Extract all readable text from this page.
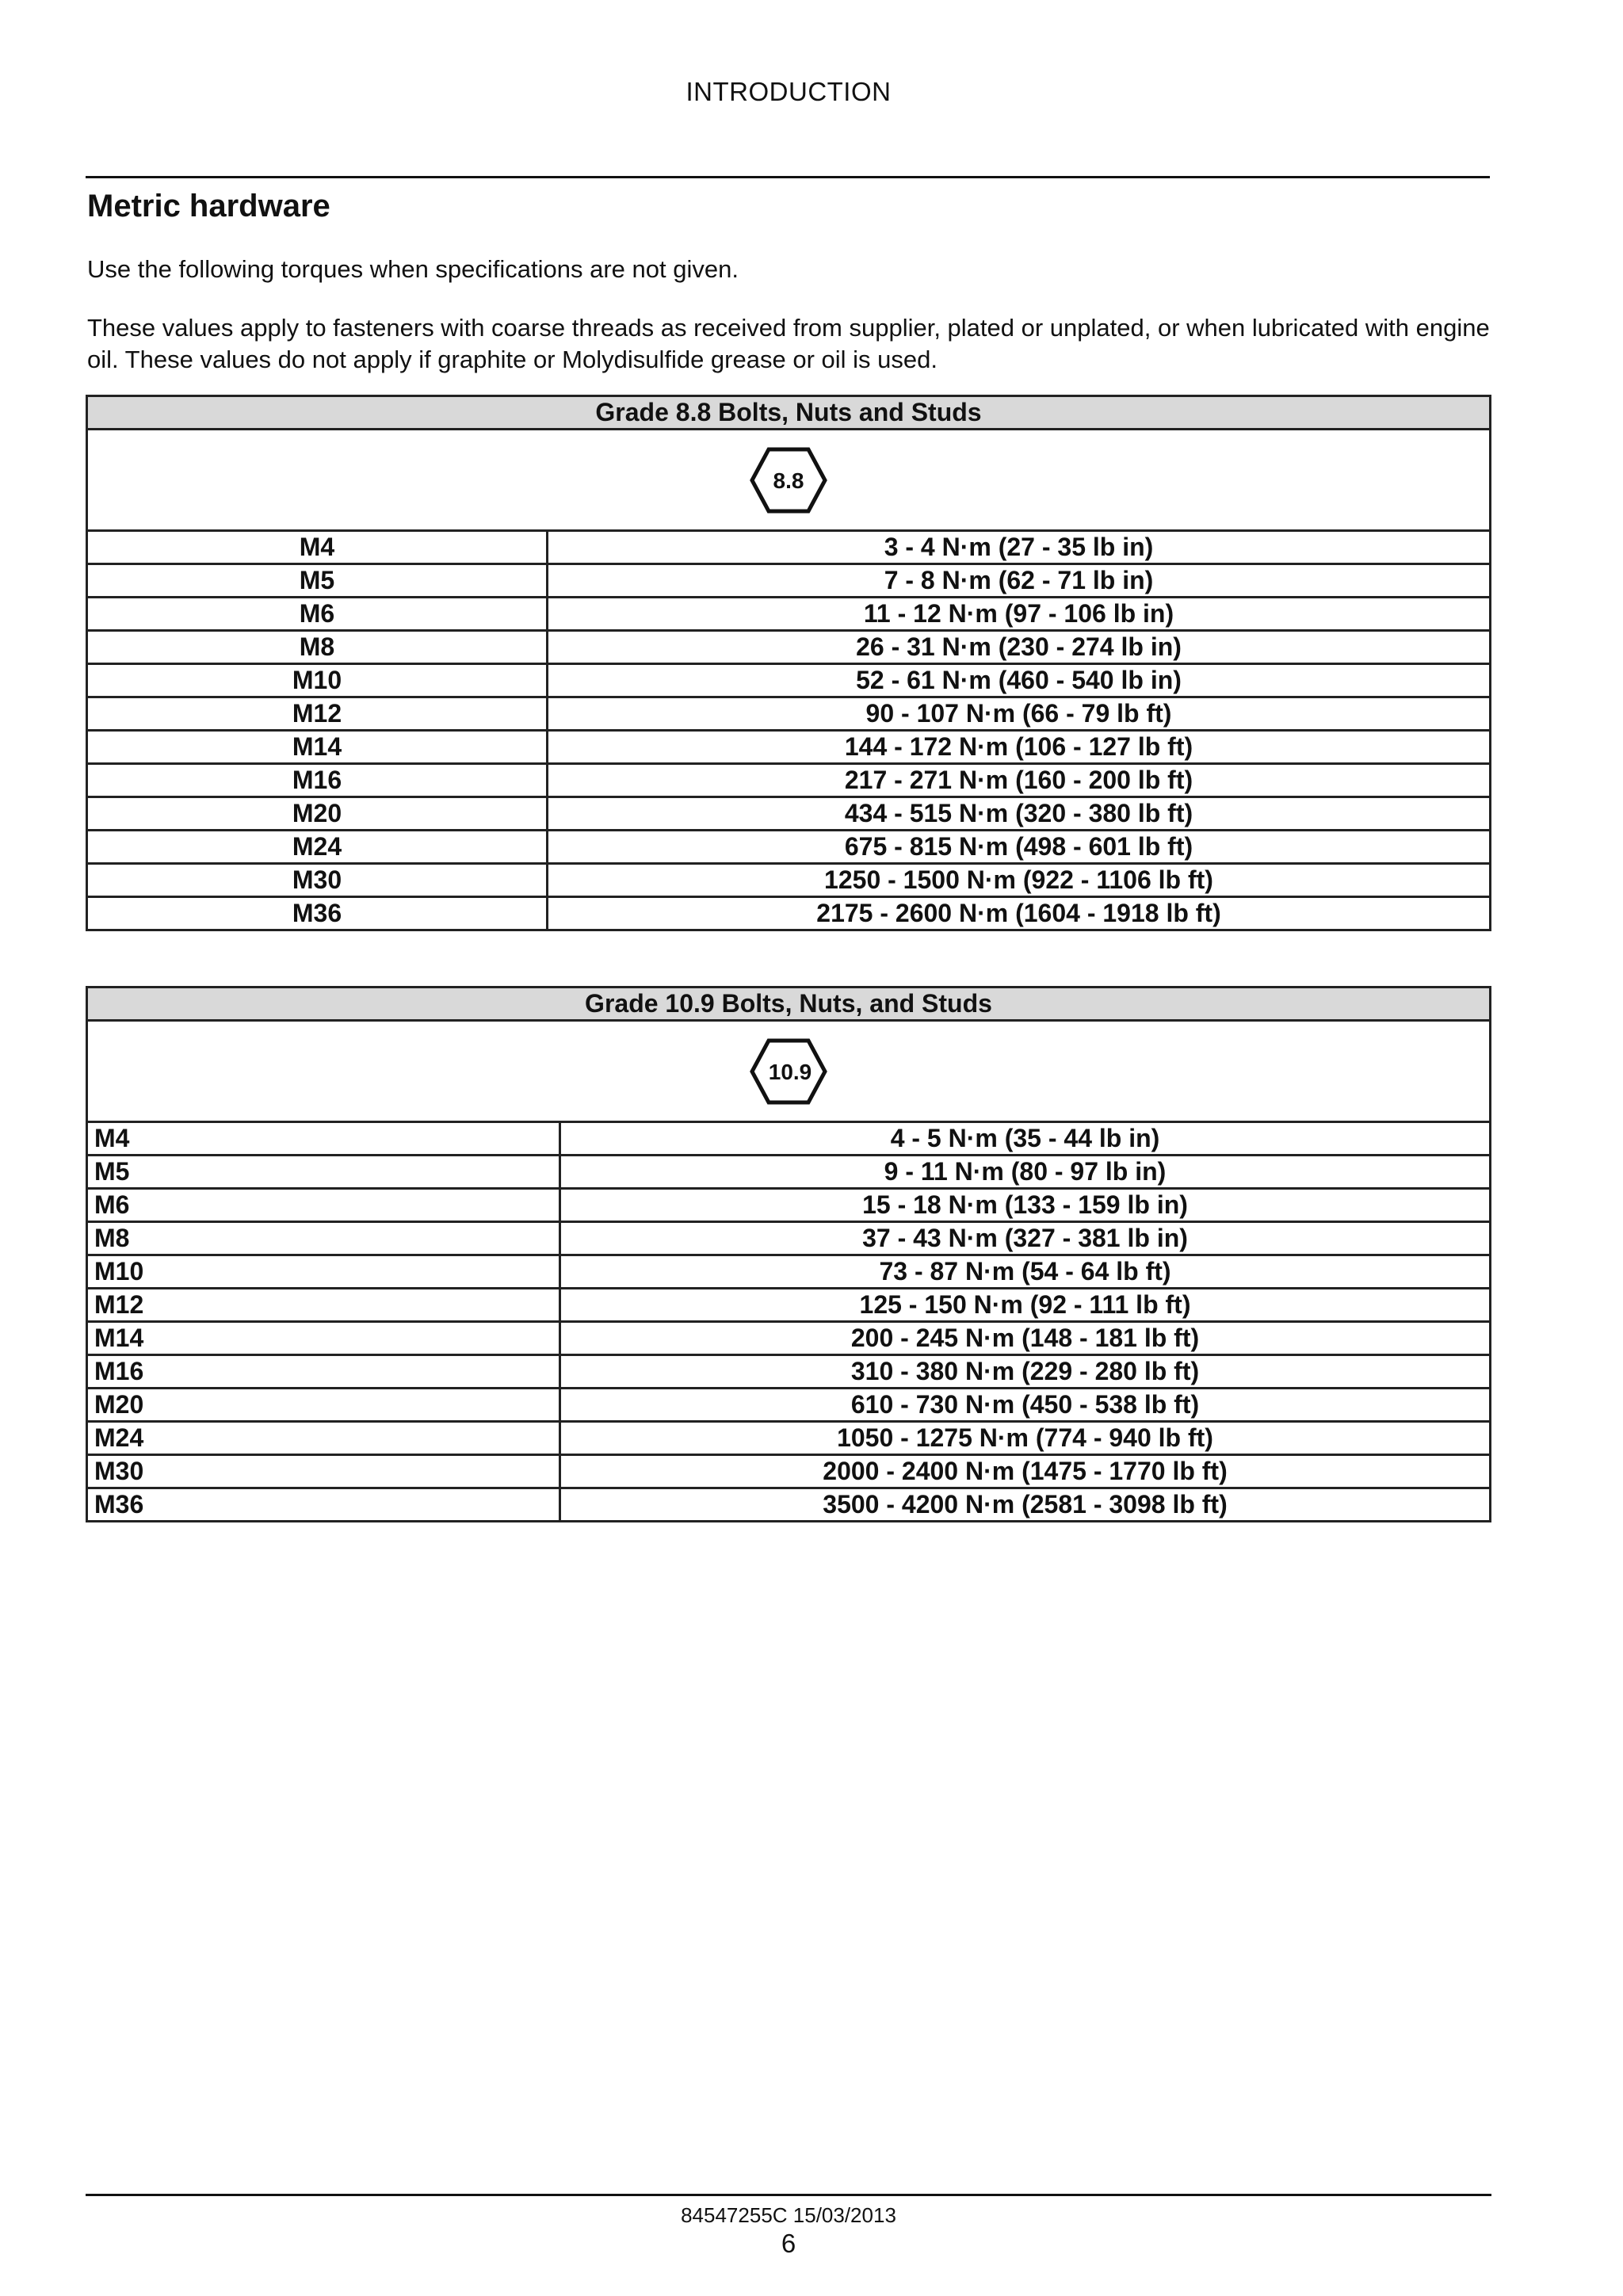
INTRODUCTION
Metric hardware
Use the following torques when specifications are not given.
These values apply to fasteners with coarse threads as received from supplier, plated or unplated, or when lubricated with engine oil. These values do not apply if graphite or Molydisulfide grease or oil is used.
Grade 8.8 Bolts, Nuts and Studs	

8.8	

M4	3 - 4 N·m (27 - 35 lb in)
M5	7 - 8 N·m (62 - 71 lb in)
M6	11 - 12 N·m (97 - 106 lb in)
M8	26 - 31 N·m (230 - 274 lb in)
M10	52 - 61 N·m (460 - 540 lb in)
M12	90 - 107 N·m (66 - 79 lb ft)
M14	144 - 172 N·m (106 - 127 lb ft)
M16	217 - 271 N·m (160 - 200 lb ft)
M20	434 - 515 N·m (320 - 380 lb ft)
M24	675 - 815 N·m (498 - 601 lb ft)
M30	1250 - 1500 N·m (922 - 1106 lb ft)
M36	2175 - 2600 N·m (1604 - 1918 lb ft)
Grade 10.9 Bolts, Nuts, and Studs	

10.9	

M4	4 - 5 N·m (35 - 44 lb in)
M5	9 - 11 N·m (80 - 97 lb in)
M6	15 - 18 N·m (133 - 159 lb in)
M8	37 - 43 N·m (327 - 381 lb in)
M10	73 - 87 N·m (54 - 64 lb ft)
M12	125 - 150 N·m (92 - 111 lb ft)
M14	200 - 245 N·m (148 - 181 lb ft)
M16	310 - 380 N·m (229 - 280 lb ft)
M20	610 - 730 N·m (450 - 538 lb ft)
M24	1050 - 1275 N·m (774 - 940 lb ft)
M30	2000 - 2400 N·m (1475 - 1770 lb ft)
M36	3500 - 4200 N·m (2581 - 3098 lb ft)
84547255C 15/03/2013
6
